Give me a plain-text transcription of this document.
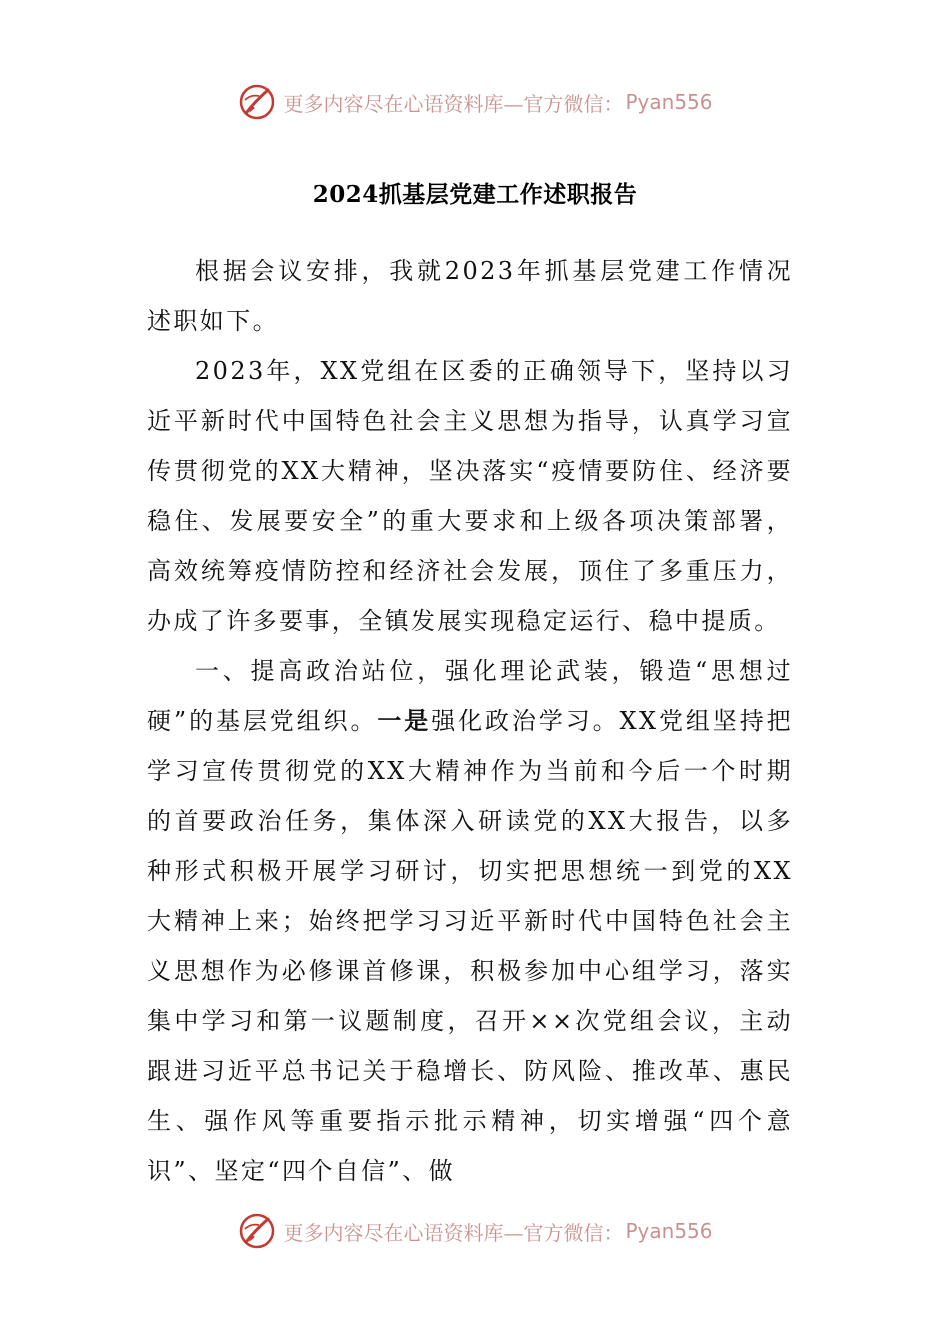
更多内容尽在心语资料库—官方微信： Pyan556
2024抓基层党建工作述职报告

根据会议安排，我就2023年抓基层党建工作情况述职如下。

2023年，XX党组在区委的正确领导下，坚持以习近平新时代中国特色社会主义思想为指导，认真学习宣传贯彻党的XX大精神，坚决落实“疫情要防住、经济要稳住、发展要安全”的重大要求和上级各项决策部署，高效统筹疫情防控和经济社会发展，顶住了多重压力，办成了许多要事，全镇发展实现稳定运行、稳中提质。

一、提高政治站位，强化理论武装，锻造“思想过硬”的基层党组织。一是强化政治学习。XX党组坚持把学习宣传贯彻党的XX大精神作为当前和今后一个时期的首要政治任务，集体深入研读党的XX大报告，以多种形式积极开展学习研讨，切实把思想统一到党的XX大精神上来；始终把学习习近平新时代中国特色社会主义思想作为必修课首修课，积极参加中心组学习，落实集中学习和第一议题制度，召开××次党组会议，主动跟进习近平总书记关于稳增长、防风险、推改革、惠民生、强作风等重要指示批示精神，切实增强“四个意识”、坚定“四个自信”、做

更多内容尽在心语资料库—官方微信： Pyan556
